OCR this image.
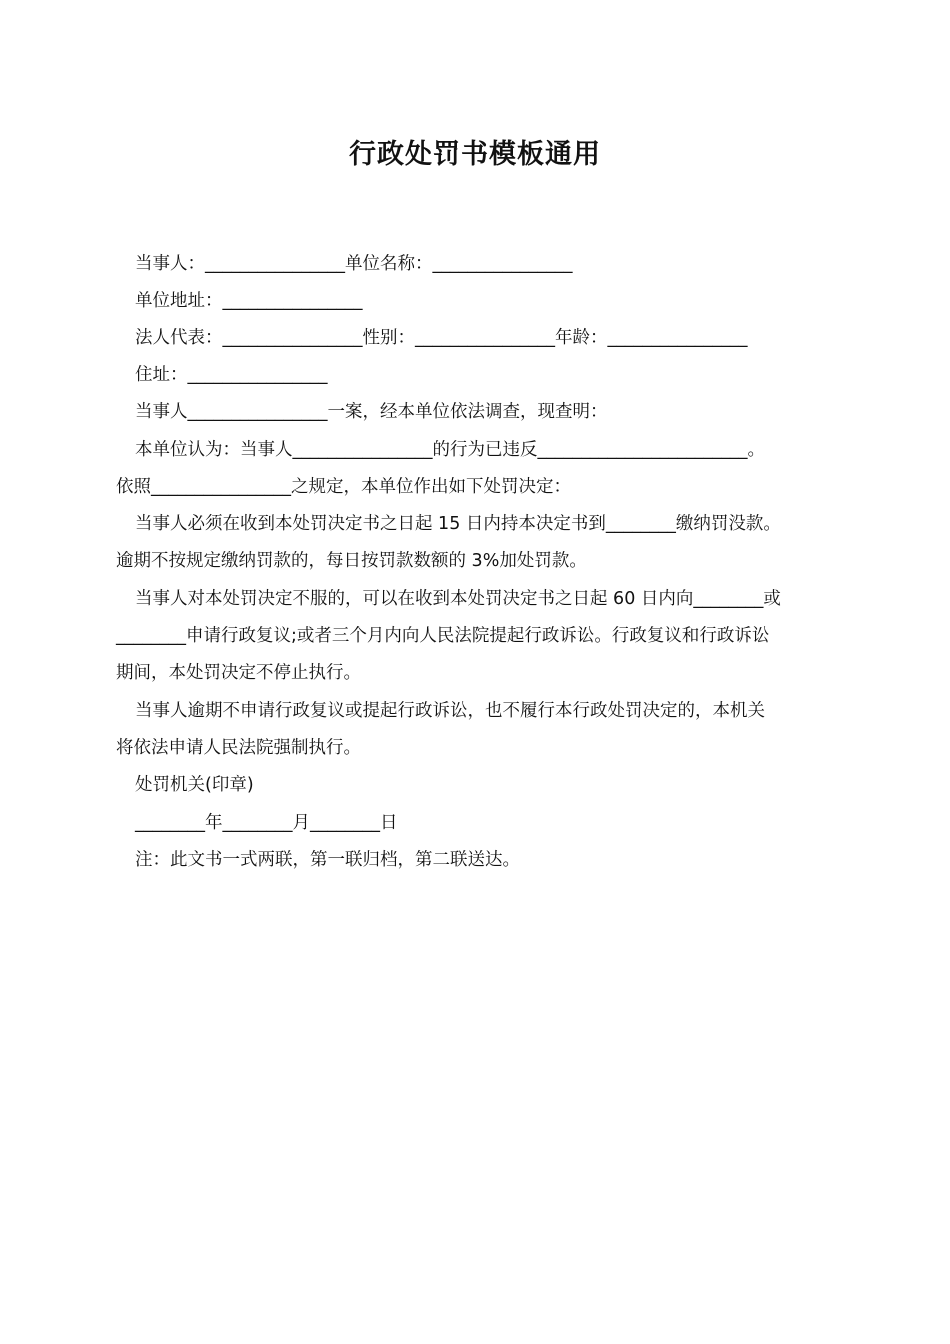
行政处罚书模板通用
当事人：________________单位名称：________________
单位地址：________________
法人代表：________________性别：________________年龄：________________
住址：________________
当事人________________一案，经本单位依法调查，现查明：
本单位认为：当事人________________的行为已违反________________________。
依照________________之规定，本单位作出如下处罚决定：
当事人必须在收到本处罚决定书之日起 15 日内持本决定书到________缴纳罚没款。
逾期不按规定缴纳罚款的，每日按罚款数额的 3%加处罚款。
当事人对本处罚决定不服的，可以在收到本处罚决定书之日起 60 日内向________或
________申请行政复议;或者三个月内向人民法院提起行政诉讼。行政复议和行政诉讼
期间，本处罚决定不停止执行。
当事人逾期不申请行政复议或提起行政诉讼，也不履行本行政处罚决定的，本机关
将依法申请人民法院强制执行。
处罚机关(印章)
________年________月________日
注：此文书一式两联，第一联归档，第二联送达。
